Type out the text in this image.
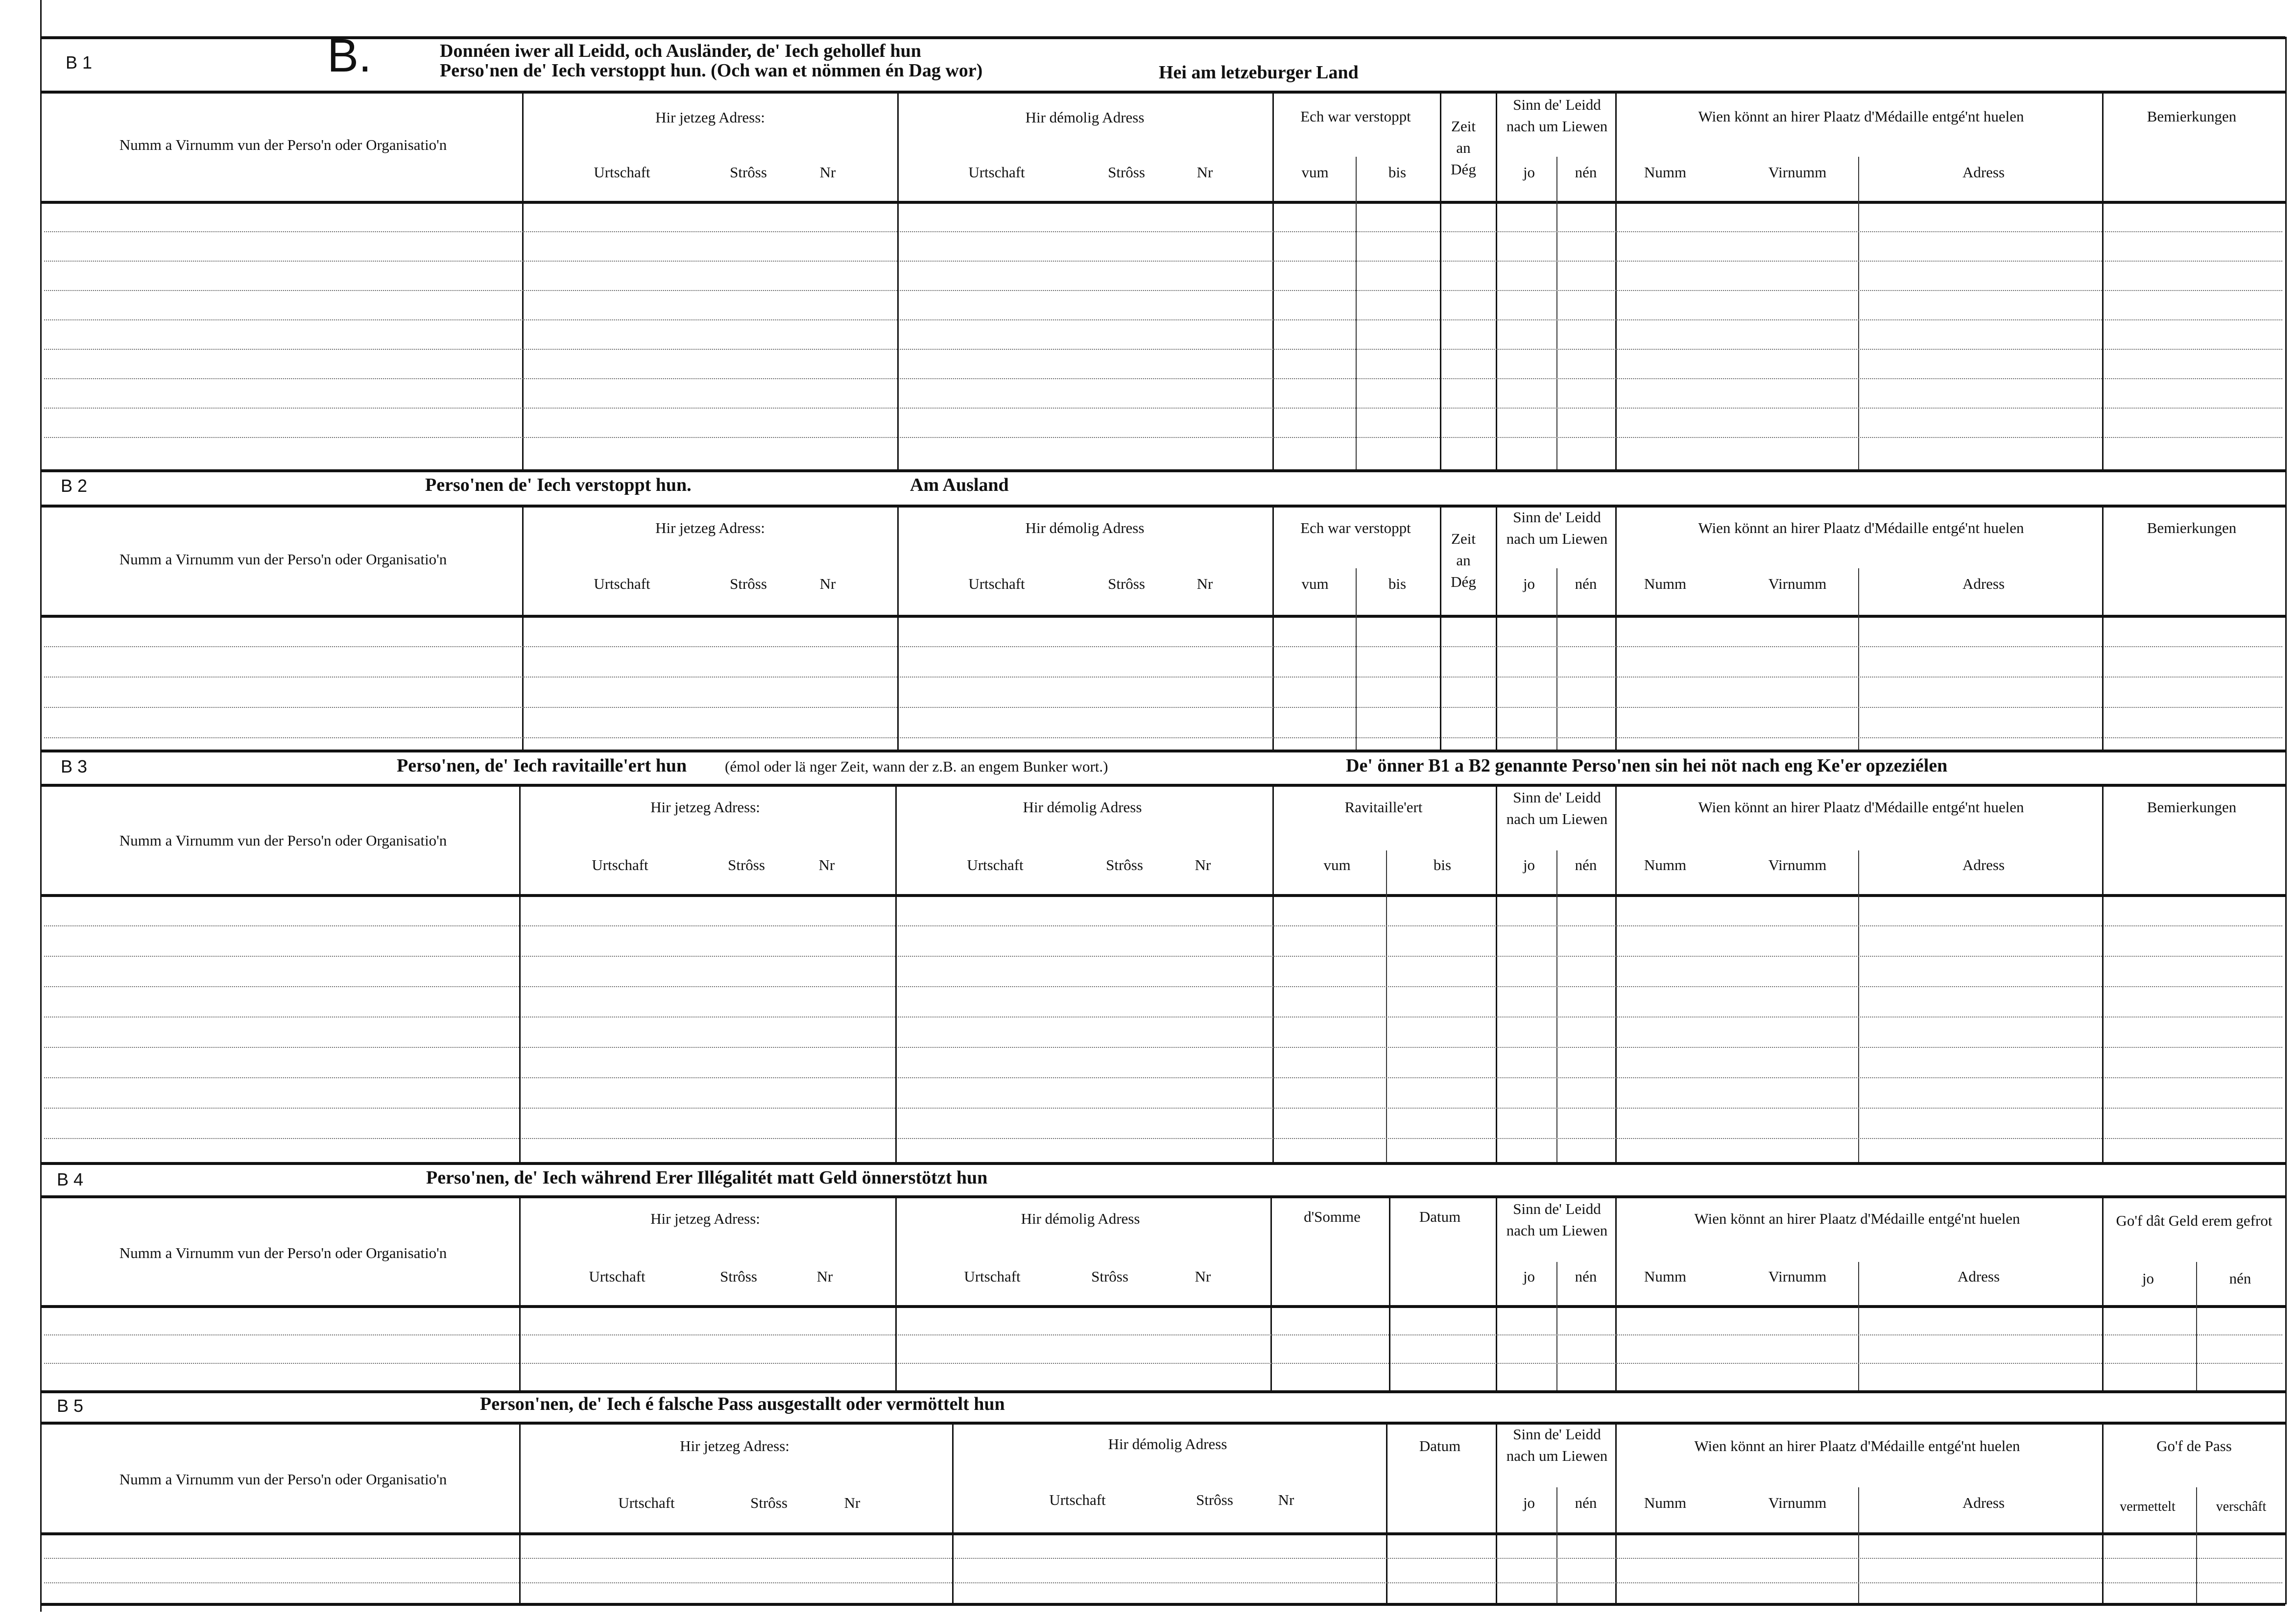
B 1	B.	Donnéen iwer all Leidd, och Ausländer, de' Iech gehollef hun
Perso'nen de' Iech verstoppt hun. (Och wan et nömmen én Dag wor)	Hei am letzeburger Land
Numm a Virnumm vun der Perso'n oder Organisatio'n
Hir jetzeg Adress:
Urtschaft	Strôss	Nr
Hir démolig Adress
Urtschaft	Strôss	Nr
Ech war verstoppt
vum	bis
Zeit an Dég
Sinn de' Leidd nach um Liewen
jo	nén
Wien könnt an hirer Plaatz d'Médaille entgé'nt huelen
Numm	Virnumm	Adress
Bemierkungen
B 2	Perso'nen de' Iech verstoppt hun.	Am Ausland
Numm a Virnumm vun der Perso'n oder Organisatio'n
Hir jetzeg Adress:
Urtschaft	Strôss	Nr
Hir démolig Adress
Urtschaft	Strôss	Nr
Ech war verstoppt
vum	bis
Zeit an Dég
Sinn de' Leidd nach um Liewen
jo	nén
Wien könnt an hirer Plaatz d'Médaille entgé'nt huelen
Numm	Virnumm	Adress
Bemierkungen
B 3	Perso'nen, de' Iech ravitaille'ert hun	(émol oder lä nger Zeit, wann der z.B. an engem Bunker wort.)	De' önner B1 a B2 genannte Perso'nen sin hei nöt nach eng Ke'er opzeziélen
Numm a Virnumm vun der Perso'n oder Organisatio'n
Hir jetzeg Adress:
Urtschaft	Strôss	Nr
Hir démolig Adress
Urtschaft	Strôss	Nr
Ravitaille'ert
vum	bis
Sinn de' Leidd nach um Liewen
jo	nén
Wien könnt an hirer Plaatz d'Médaille entgé'nt huelen
Numm	Virnumm	Adress
Bemierkungen
B 4	Perso'nen, de' Iech während Erer Illégalitét matt Geld önnerstötzt hun
Numm a Virnumm vun der Perso'n oder Organisatio'n
Hir jetzeg Adress:
Urtschaft	Strôss	Nr
Hir démolig Adress
Urtschaft	Strôss	Nr
d'Somme	Datum	Sinn de' Leidd nach um Liewen
jo	nén
Wien könnt an hirer Plaatz d'Médaille entgé'nt huelen
Numm	Virnumm	Adress
Go'f dât Geld erem gefrot
jo	nén
B 5	Person'nen, de' Iech é falsche Pass ausgestallt oder vermöttelt hun
Numm a Virnumm vun der Perso'n oder Organisatio'n
Hir jetzeg Adress:
Urtschaft	Strôss	Nr
Hir démolig Adress
Urtschaft	Strôss	Nr
Datum
Sinn de' Leidd nach um Liewen
jo	nén
Wien könnt an hirer Plaatz d'Médaille entgé'nt huelen
Numm	Virnumm	Adress
Go'f de Pass
vermettelt	verschâft
